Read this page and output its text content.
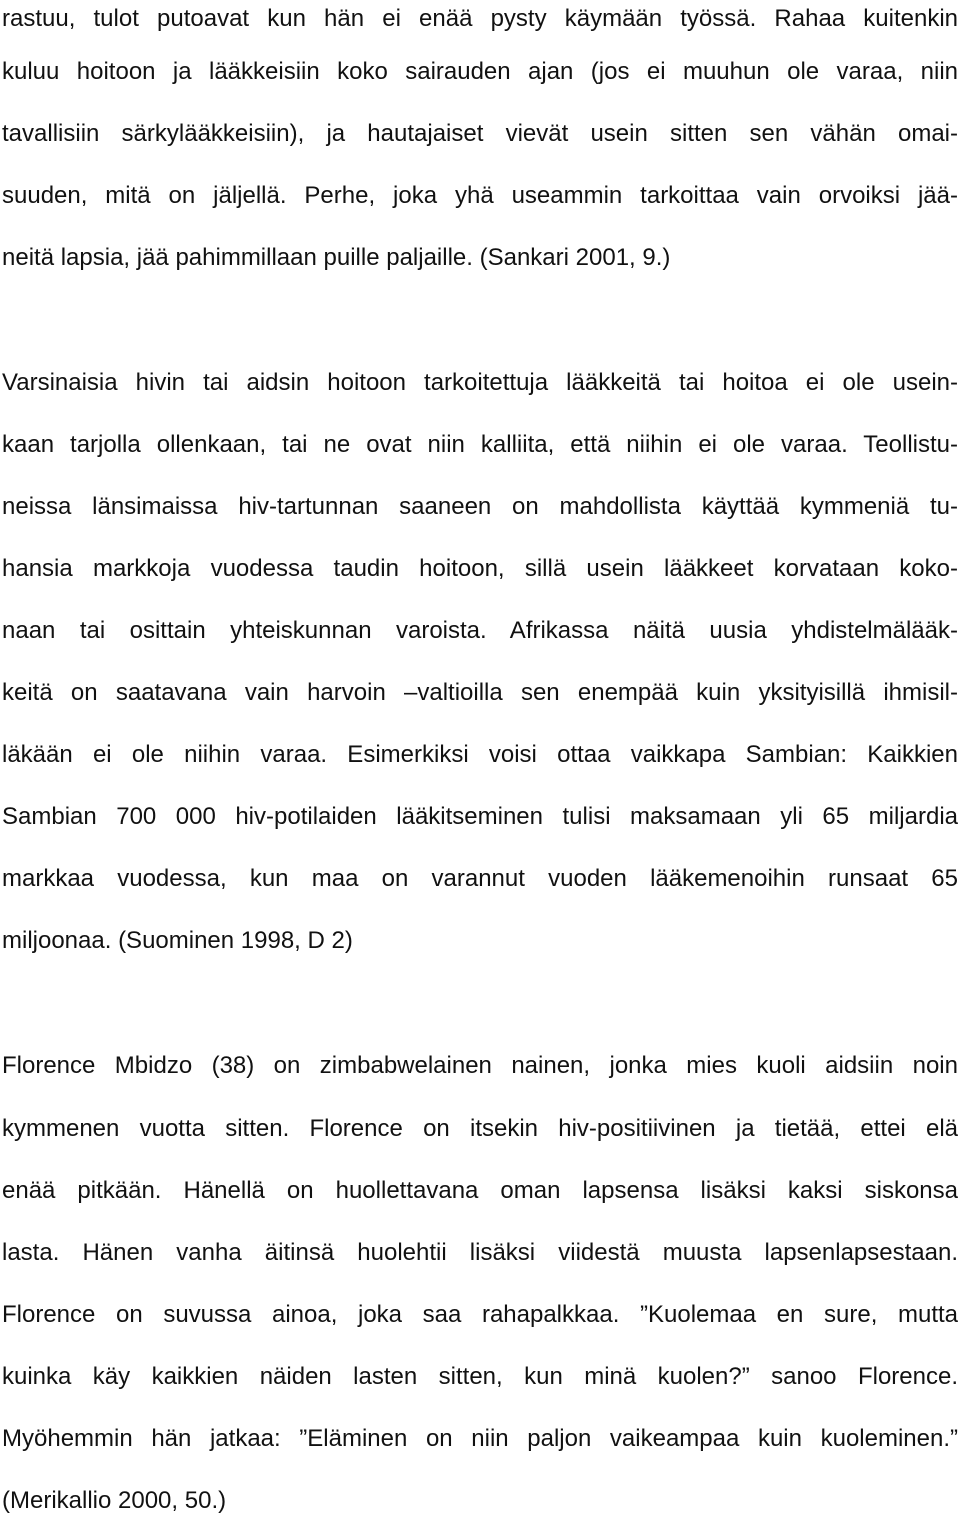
rastuu, tulot putoavat kun hän ei enää pysty käymään työssä. Rahaa kuitenkin
kuluu hoitoon ja lääkkeisiin koko sairauden ajan (jos ei muuhun ole varaa, niin
tavallisiin särkylääkkeisiin), ja hautajaiset vievät usein sitten sen vähän omai-
suuden, mitä on jäljellä. Perhe, joka yhä useammin tarkoittaa vain orvoiksi jää-
neitä lapsia, jää pahimmillaan puille paljaille. (Sankari 2001, 9.)
Varsinaisia hivin tai aidsin hoitoon tarkoitettuja lääkkeitä tai hoitoa ei ole usein-
kaan tarjolla ollenkaan, tai ne ovat niin kalliita, että niihin ei ole varaa. Teollistu-
neissa länsimaissa hiv-tartunnan saaneen on mahdollista käyttää kymmeniä tu-
hansia markkoja vuodessa taudin hoitoon, sillä usein lääkkeet korvataan koko-
naan tai osittain yhteiskunnan varoista. Afrikassa näitä uusia yhdistelmälääk-
keitä on saatavana vain harvoin –valtioilla sen enempää kuin yksityisillä ihmisil-
läkään ei ole niihin varaa. Esimerkiksi voisi ottaa vaikkapa Sambian: Kaikkien
Sambian 700 000 hiv-potilaiden lääkitseminen tulisi maksamaan yli 65 miljardia
markkaa vuodessa, kun maa on varannut vuoden lääkemenoihin runsaat 65
miljoonaa. (Suominen 1998, D 2)
Florence Mbidzo (38) on zimbabwelainen nainen, jonka mies kuoli aidsiin noin
kymmenen vuotta sitten. Florence on itsekin hiv-positiivinen ja tietää, ettei elä
enää pitkään. Hänellä on huollettavana oman lapsensa lisäksi kaksi siskonsa
lasta. Hänen vanha äitinsä huolehtii lisäksi viidestä muusta lapsenlapsestaan.
Florence on suvussa ainoa, joka saa rahapalkkaa. ”Kuolemaa en sure, mutta
kuinka käy kaikkien näiden lasten sitten, kun minä kuolen?” sanoo Florence.
Myöhemmin hän jatkaa: ”Eläminen on niin paljon vaikeampaa kuin kuoleminen.”
(Merikallio 2000, 50.)
